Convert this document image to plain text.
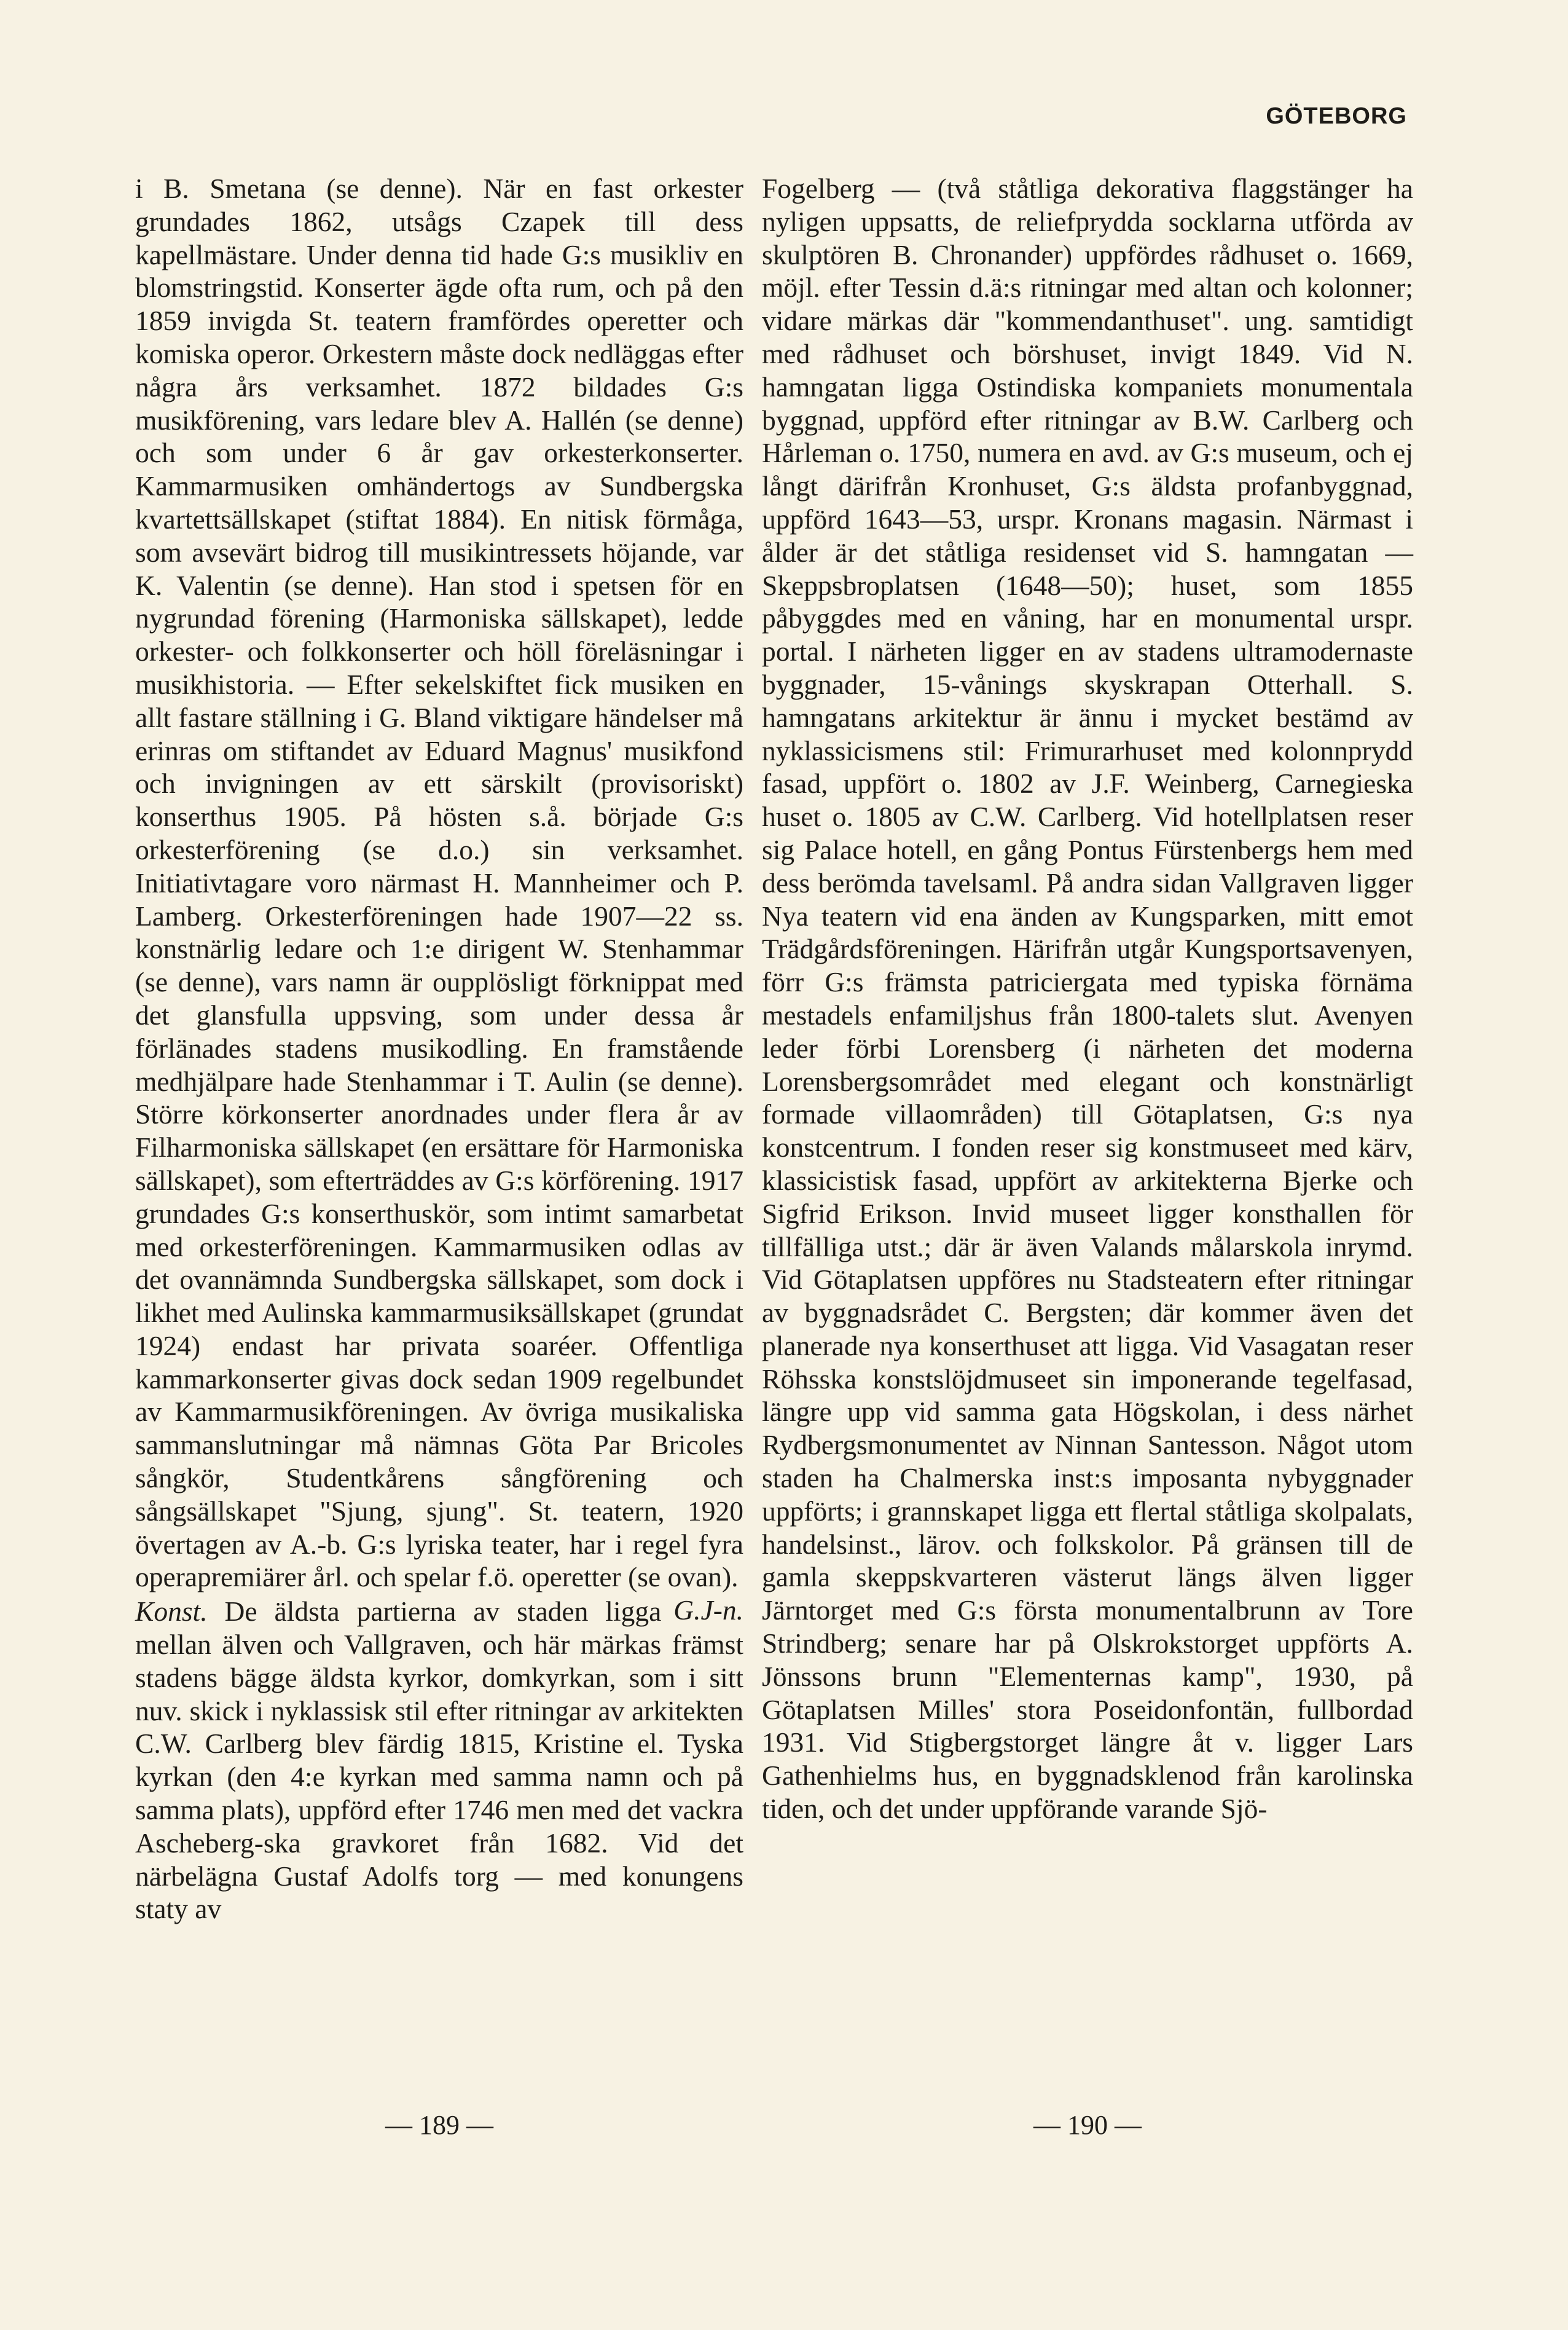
GÖTEBORG

i B. Smetana (se denne). När en fast orkester grundades 1862, utsågs Czapek till dess kapellmästare. Under denna tid hade G:s musikliv en blomstringstid. Konserter ägde ofta rum, och på den 1859 invigda St. teatern framfördes operetter och komiska operor. Orkestern måste dock nedläggas efter några års verksamhet. 1872 bildades G:s musikförening, vars ledare blev A. Hallén (se denne) och som under 6 år gav orkesterkonserter. Kammarmusiken omhändertogs av Sundbergska kvartettsällskapet (stiftat 1884). En nitisk förmåga, som avsevärt bidrog till musikintressets höjande, var K. Valentin (se denne). Han stod i spetsen för en nygrundad förening (Harmoniska sällskapet), ledde orkester- och folkkonserter och höll föreläsningar i musikhistoria. — Efter sekelskiftet fick musiken en allt fastare ställning i G. Bland viktigare händelser må erinras om stiftandet av Eduard Magnus' musikfond och invigningen av ett särskilt (provisoriskt) konserthus 1905. På hösten s.å. började G:s orkesterförening (se d.o.) sin verksamhet. Initiativtagare voro närmast H. Mannheimer och P. Lamberg. Orkesterföreningen hade 1907—22 ss. konstnärlig ledare och 1:e dirigent W. Stenhammar (se denne), vars namn är oupplösligt förknippat med det glansfulla uppsving, som under dessa år förlänades stadens musikodling. En framstående medhjälpare hade Stenhammar i T. Aulin (se denne). Större körkonserter anordnades under flera år av Filharmoniska sällskapet (en ersättare för Harmoniska sällskapet), som efterträddes av G:s körförening. 1917 grundades G:s konserthuskör, som intimt samarbetat med orkesterföreningen. Kammarmusiken odlas av det ovannämnda Sundbergska sällskapet, som dock i likhet med Aulinska kammarmusiksällskapet (grundat 1924) endast har privata soaréer. Offentliga kammarkonserter givas dock sedan 1909 regelbundet av Kammarmusikföreningen. Av övriga musikaliska sammanslutningar må nämnas Göta Par Bricoles sångkör, Studentkårens sångförening och sångsällskapet "Sjung, sjung". St. teatern, 1920 övertagen av A.-b. G:s lyriska teater, har i regel fyra operapremiärer årl. och spelar f.ö. operetter (se ovan).
G.J-n.

Konst. De äldsta partierna av staden ligga mellan älven och Vallgraven, och här märkas främst stadens bägge äldsta kyrkor, domkyrkan, som i sitt nuv. skick i nyklassisk stil efter ritningar av arkitekten C.W. Carlberg blev färdig 1815, Kristine el. Tyska kyrkan (den 4:e kyrkan med samma namn och på samma plats), uppförd efter 1746 men med det vackra Ascheberg-ska gravkoret från 1682. Vid det närbelägna Gustaf Adolfs torg — med konungens staty av

Fogelberg — (två ståtliga dekorativa flaggstänger ha nyligen uppsatts, de reliefprydda socklarna utförda av skulptören B. Chronander) uppfördes rådhuset o. 1669, möjl. efter Tessin d.ä:s ritningar med altan och kolonner; vidare märkas där "kommendanthuset". ung. samtidigt med rådhuset och börshuset, invigt 1849. Vid N. hamngatan ligga Ostindiska kompaniets monumentala byggnad, uppförd efter ritningar av B.W. Carlberg och Hårleman o. 1750, numera en avd. av G:s museum, och ej långt därifrån Kronhuset, G:s äldsta profanbyggnad, uppförd 1643—53, urspr. Kronans magasin. Närmast i ålder är det ståtliga residenset vid S. hamngatan —Skeppsbroplatsen (1648—50); huset, som 1855 påbyggdes med en våning, har en monumental urspr. portal. I närheten ligger en av stadens ultramodernaste byggnader, 15-vånings skyskrapan Otterhall. S. hamngatans arkitektur är ännu i mycket bestämd av nyklassicismens stil: Frimurarhuset med kolonnprydd fasad, uppfört o. 1802 av J.F. Weinberg, Carnegieska huset o. 1805 av C.W. Carlberg. Vid hotellplatsen reser sig Palace hotell, en gång Pontus Fürstenbergs hem med dess berömda tavelsaml. På andra sidan Vallgraven ligger Nya teatern vid ena änden av Kungsparken, mitt emot Trädgårdsföreningen. Härifrån utgår Kungsportsavenyen, förr G:s främsta patriciergata med typiska förnäma mestadels enfamiljshus från 1800-talets slut. Avenyen leder förbi Lorensberg (i närheten det moderna Lorensbergsområdet med elegant och konstnärligt formade villaområden) till Götaplatsen, G:s nya konstcentrum. I fonden reser sig konstmuseet med kärv, klassicistisk fasad, uppfört av arkitekterna Bjerke och Sigfrid Erikson. Invid museet ligger konsthallen för tillfälliga utst.; där är även Valands målarskola inrymd. Vid Götaplatsen uppföres nu Stadsteatern efter ritningar av byggnadsrådet C. Bergsten; där kommer även det planerade nya konserthuset att ligga. Vid Vasagatan reser Röhsska konstslöjdmuseet sin imponerande tegelfasad, längre upp vid samma gata Högskolan, i dess närhet Rydbergsmonumentet av Ninnan Santesson. Något utom staden ha Chalmerska inst:s imposanta nybyggnader uppförts; i grannskapet ligga ett flertal ståtliga skolpalats, handelsinst., lärov. och folkskolor. På gränsen till de gamla skeppskvarteren västerut längs älven ligger Järntorget med G:s första monumentalbrunn av Tore Strindberg; senare har på Olskrokstorget uppförts A. Jönssons brunn "Elementernas kamp", 1930, på Götaplatsen Milles' stora Poseidonfontän, fullbordad 1931. Vid Stigbergstorget längre åt v. ligger Lars Gathenhielms hus, en byggnadsklenod från karolinska tiden, och det under uppförande varande Sjö-

— 189 —	— 190 —
